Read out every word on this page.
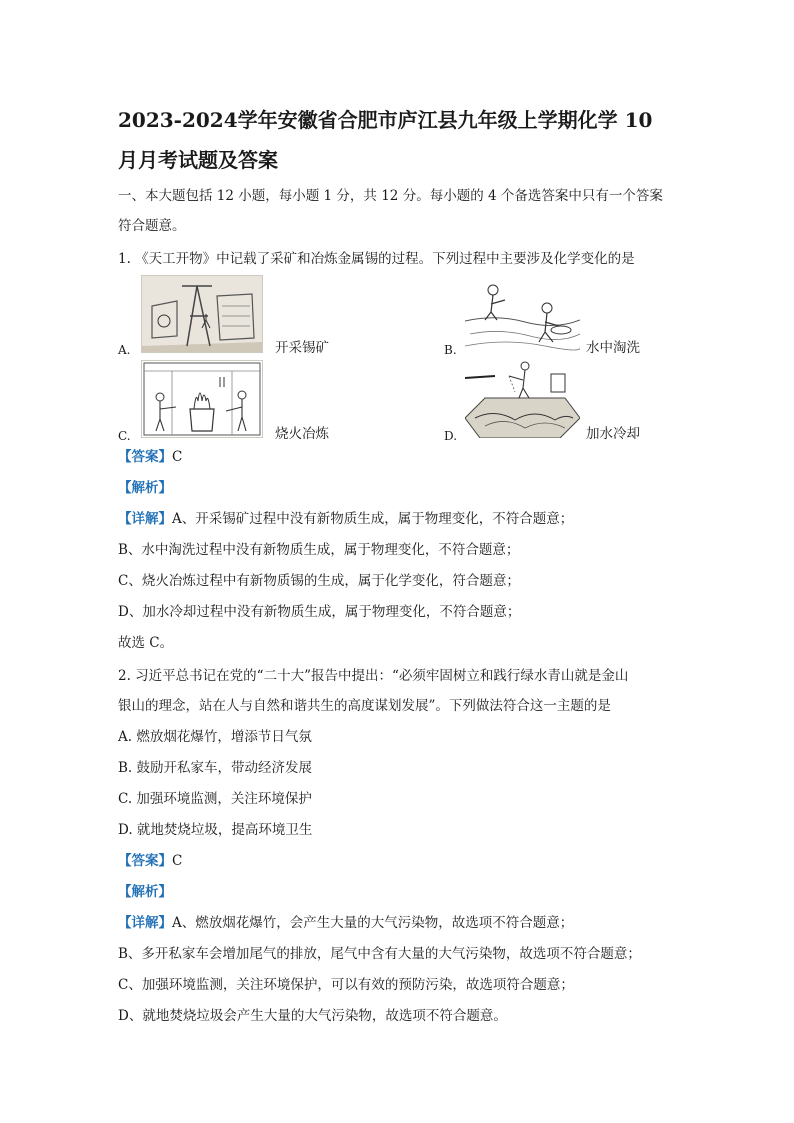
2023-2024学年安徽省合肥市庐江县九年级上学期化学 10
月月考试题及答案
一、本大题包括 12 小题，每小题 1 分，共 12 分。每小题的 4 个备选答案中只有一个答案
符合题意。
1. 《天工开物》中记载了采矿和冶炼金属锡的过程。下列过程中主要涉及化学变化的是
A.	开采锡矿	B.	水中淘洗
C.	烧火冶炼	D.	加水冷却
【答案】C
【解析】
【详解】A、开采锡矿过程中没有新物质生成，属于物理变化，不符合题意；
B、水中淘洗过程中没有新物质生成，属于物理变化，不符合题意；
C、烧火冶炼过程中有新物质锡的生成，属于化学变化，符合题意；
D、加水冷却过程中没有新物质生成，属于物理变化，不符合题意；
故选 C。
2. 习近平总书记在党的“二十大”报告中提出：“必须牢固树立和践行绿水青山就是金山
银山的理念，站在人与自然和谐共生的高度谋划发展”。下列做法符合这一主题的是
A. 燃放烟花爆竹，增添节日气氛
B. 鼓励开私家车，带动经济发展
C. 加强环境监测，关注环境保护
D. 就地焚烧垃圾，提高环境卫生
【答案】C
【解析】
【详解】A、燃放烟花爆竹，会产生大量的大气污染物，故选项不符合题意；
B、多开私家车会增加尾气的排放，尾气中含有大量的大气污染物，故选项不符合题意；
C、加强环境监测，关注环境保护，可以有效的预防污染，故选项符合题意；
D、就地焚烧垃圾会产生大量的大气污染物，故选项不符合题意。
